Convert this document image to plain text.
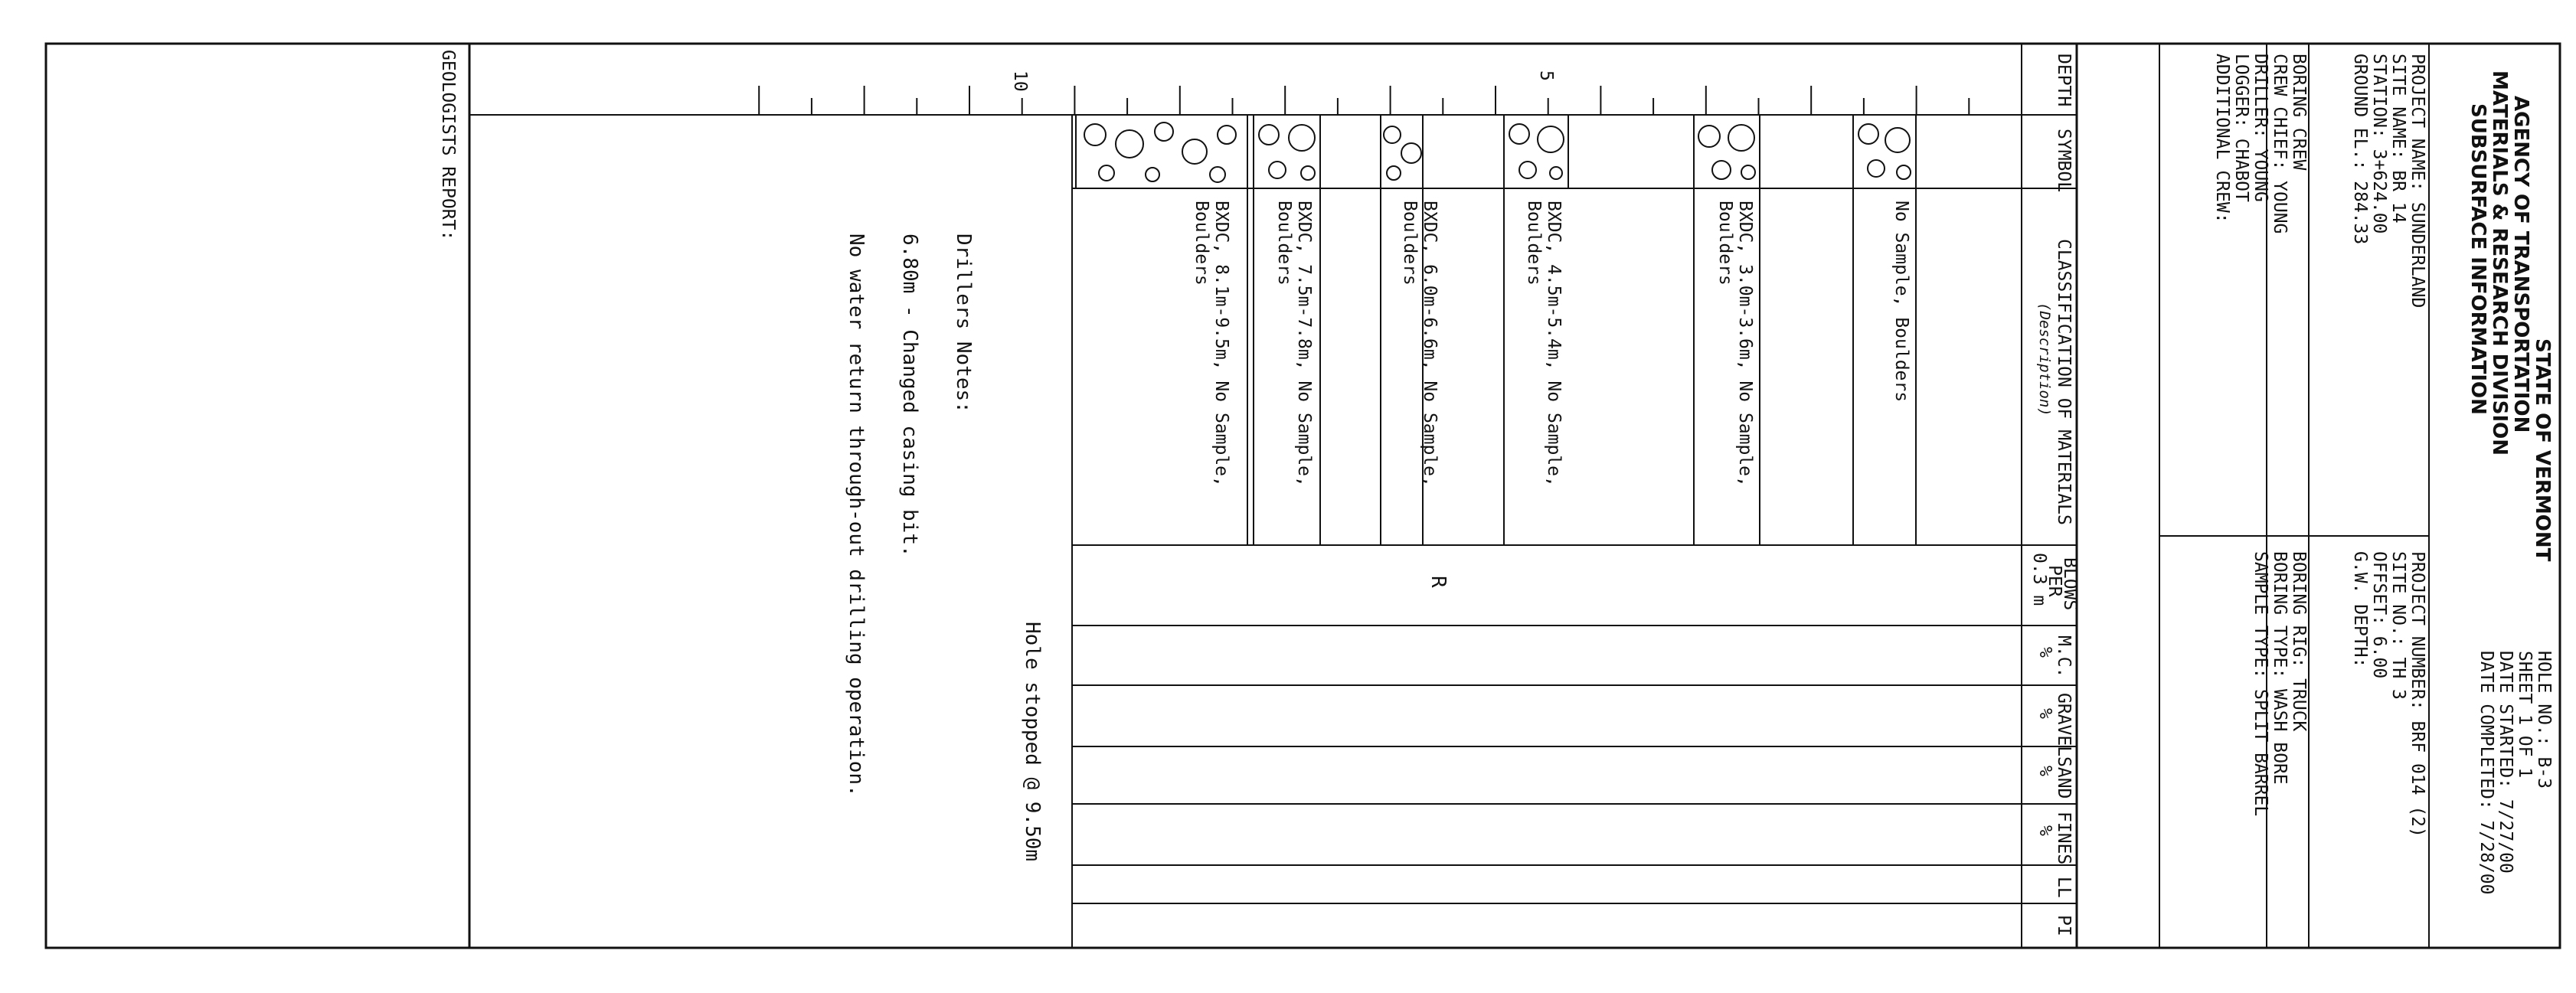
5
10	DEPTH
SYMBOL
CLASSIFICATION OF MATERIALS
(Description)
BLOWS
PER
0.3 m
M.C.
%
GRAVEL
%
SAND
%
FINES
%
LL
PI
No Sample, Boulders
BXDC, 3.0m-3.6m, No Sample,
Boulders
BXDC, 4.5m-5.4m, No Sample,
Boulders
BXDC, 6.0m-6.6m, No Sample,
Boulders
BXDC, 7.5m-7.8m, No Sample,
Boulders
BXDC, 8.1m-9.5m, No Sample,
Boulders
R
Hole stopped @ 9.50m
Drillers Notes:
6.80m - Changed casing bit.
No water return through-out drilling operation.
GEOLOGISTS REPORT:
STATE OF VERMONT
AGENCY OF TRANSPORTATION
MATERIALS & RESEARCH DIVISION
SUBSURFACE INFORMATION
PROJECT NAME: SUNDERLAND
SITE NAME: BR 14
STATION: 3+624.00
GROUND EL.: 284.33
BORING CREW
CREW CHIEF: YOUNG
DRILLER: YOUNG
LOGGER: CHABOT
ADDITIONAL CREW:
HOLE NO.: B-3
SHEET 1 OF 1
DATE STARTED: 7/27/00
DATE COMPLETED: 7/28/00
PROJECT NUMBER: BRF 014 (2)
SITE NO.: TH 3
OFFSET: 6.00
G.W. DEPTH:
BORING RIG: TRUCK
BORING TYPE: WASH BORE
SAMPLE TYPE: SPLIT BARREL
